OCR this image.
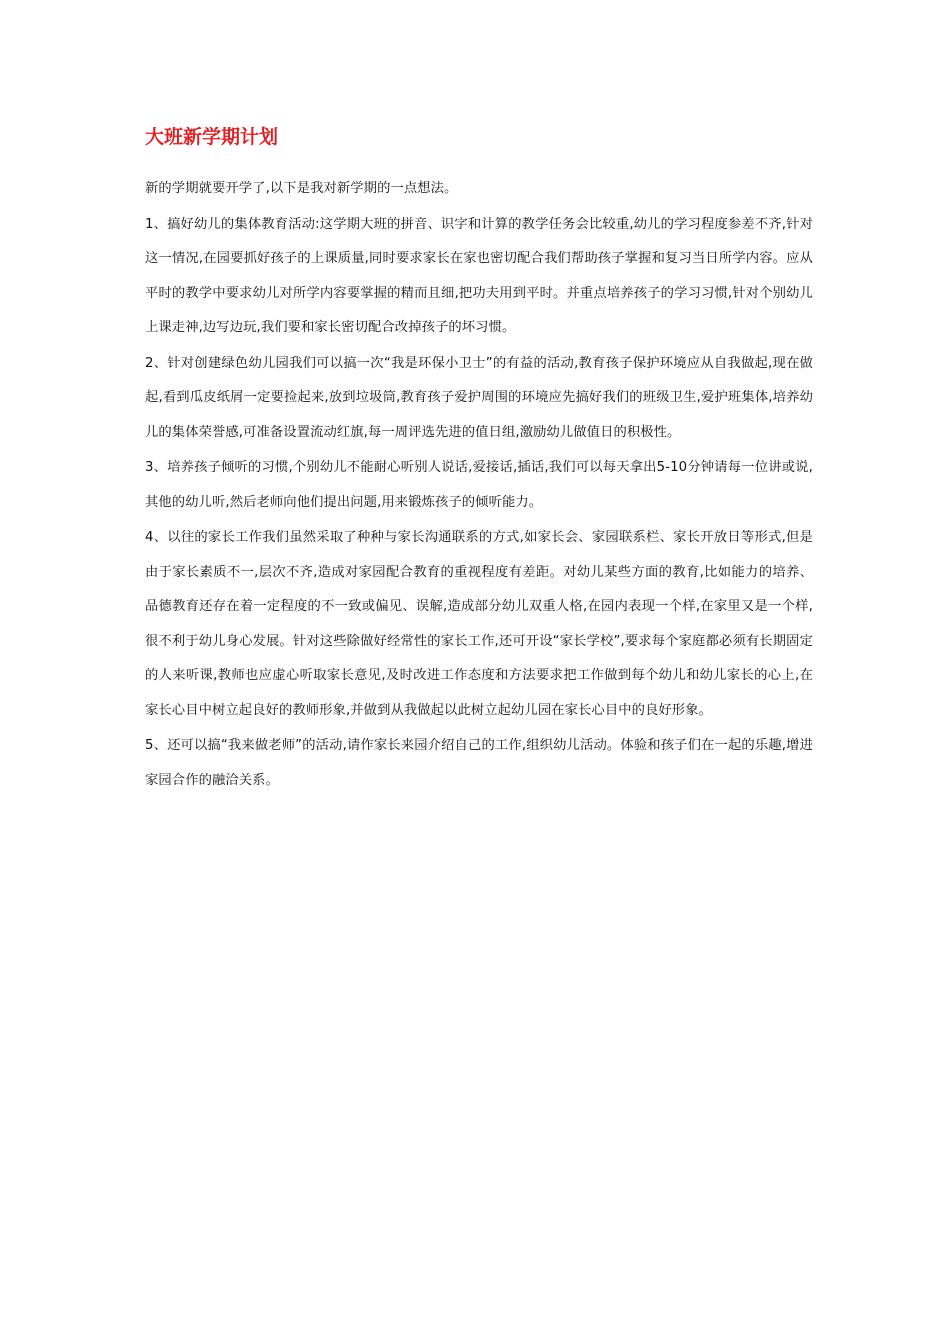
大班新学期计划

新的学期就要开学了,以下是我对新学期的一点想法。

1、搞好幼儿的集体教育活动:这学期大班的拼音、识字和计算的教学任务会比较重,幼儿的学习程度参差不齐,针对这一情况,在园要抓好孩子的上课质量,同时要求家长在家也密切配合我们帮助孩子掌握和复习当日所学内容。应从平时的教学中要求幼儿对所学内容要掌握的精而且细,把功夫用到平时。并重点培养孩子的学习习惯,针对个别幼儿上课走神,边写边玩,我们要和家长密切配合改掉孩子的坏习惯。

2、针对创建绿色幼儿园我们可以搞一次“我是环保小卫士”的有益的活动,教育孩子保护环境应从自我做起,现在做起,看到瓜皮纸屑一定要捡起来,放到垃圾筒,教育孩子爱护周围的环境应先搞好我们的班级卫生,爱护班集体,培养幼儿的集体荣誉感,可准备设置流动红旗,每一周评选先进的值日组,激励幼儿做值日的积极性。

3、培养孩子倾听的习惯,个别幼儿不能耐心听别人说话,爱接话,插话,我们可以每天拿出5-10分钟请每一位讲或说,其他的幼儿听,然后老师向他们提出问题,用来锻炼孩子的倾听能力。

4、以往的家长工作我们虽然采取了种种与家长沟通联系的方式,如家长会、家园联系栏、家长开放日等形式,但是由于家长素质不一,层次不齐,造成对家园配合教育的重视程度有差距。对幼儿某些方面的教育,比如能力的培养、品德教育还存在着一定程度的不一致或偏见、误解,造成部分幼儿双重人格,在园内表现一个样,在家里又是一个样,很不利于幼儿身心发展。针对这些除做好经常性的家长工作,还可开设“家长学校”,要求每个家庭都必须有长期固定的人来听课,教师也应虚心听取家长意见,及时改进工作态度和方法要求把工作做到每个幼儿和幼儿家长的心上,在家长心目中树立起良好的教师形象,并做到从我做起以此树立起幼儿园在家长心目中的良好形象。

5、还可以搞“我来做老师”的活动,请作家长来园介绍自己的工作,组织幼儿活动。体验和孩子们在一起的乐趣,增进家园合作的融洽关系。
